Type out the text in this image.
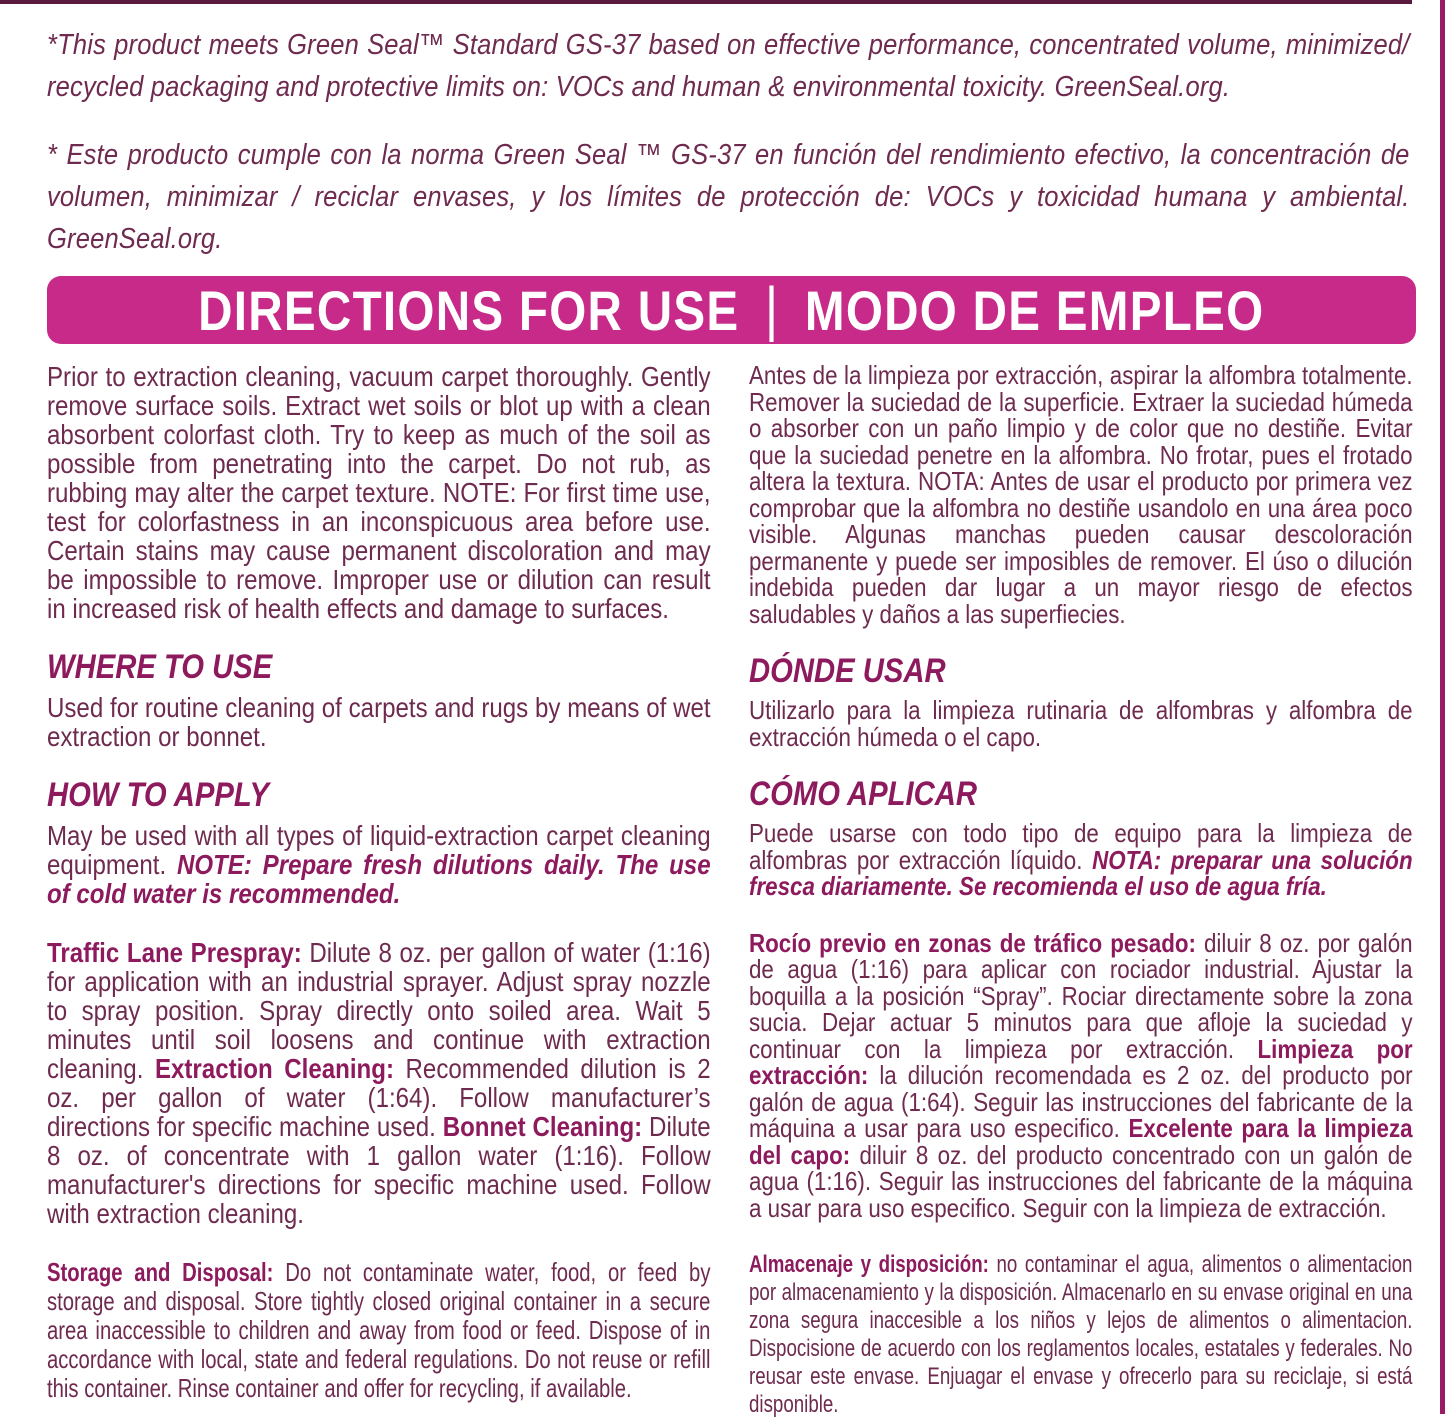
*This product meets Green Seal™ Standard GS-37 based on effective performance, concentrated volume, minimized/ recycled packaging and protective limits on: VOCs and human & environmental toxicity. GreenSeal.org.

* Este producto cumple con la norma Green Seal ™ GS-37 en función del rendimiento efectivo, la concentración de volumen, minimizar / reciclar envases, y los límites de protección de: VOCs y toxicidad humana y ambiental. GreenSeal.org.

DIRECTIONS FOR USE | MODO DE EMPLEO

Prior to extraction cleaning, vacuum carpet thoroughly. Gently remove surface soils. Extract wet soils or blot up with a clean absorbent colorfast cloth. Try to keep as much of the soil as possible from penetrating into the carpet. Do not rub, as rubbing may alter the carpet texture. NOTE: For first time use, test for colorfastness in an inconspicuous area before use. Certain stains may cause permanent discoloration and may be impossible to remove. Improper use or dilution can result in increased risk of health effects and damage to surfaces.

WHERE TO USE

Used for routine cleaning of carpets and rugs by means of wet extraction or bonnet.

HOW TO APPLY

May be used with all types of liquid-extraction carpet cleaning equipment. NOTE: Prepare fresh dilutions daily. The use of cold water is recommended.

Traffic Lane Prespray: Dilute 8 oz. per gallon of water (1:16) for application with an industrial sprayer. Adjust spray nozzle to spray position. Spray directly onto soiled area. Wait 5 minutes until soil loosens and continue with extraction cleaning. Extraction Cleaning: Recommended dilution is 2 oz. per gallon of water (1:64). Follow manufacturer’s directions for specific machine used. Bonnet Cleaning: Dilute 8 oz. of concentrate with 1 gallon water (1:16). Follow manufacturer's directions for specific machine used. Follow with extraction cleaning.

Storage and Disposal: Do not contaminate water, food, or feed by storage and disposal. Store tightly closed original container in a secure area inaccessible to children and away from food or feed. Dispose of in accordance with local, state and federal regulations. Do not reuse or refill this container. Rinse container and offer for recycling, if available.

Antes de la limpieza por extracción, aspirar la alfombra totalmente. Remover la suciedad de la superficie. Extraer la suciedad húmeda o absorber con un paño limpio y de color que no destiñe. Evitar que la suciedad penetre en la alfombra. No frotar, pues el frotado altera la textura. NOTA: Antes de usar el producto por primera vez comprobar que la alfombra no destiñe usandolo en una área poco visible. Algunas manchas pueden causar descoloración permanente y puede ser imposibles de remover. El úso o dilución indebida pueden dar lugar a un mayor riesgo de efectos saludables y daños a las superfiecies.

DÓNDE USAR

Utilizarlo para la limpieza rutinaria de alfombras y alfombra de extracción húmeda o el capo.

CÓMO APLICAR

Puede usarse con todo tipo de equipo para la limpieza de alfombras por extracción líquido. NOTA: preparar una solución fresca diariamente. Se recomienda el uso de agua fría.

Rocío previo en zonas de tráfico pesado: diluir 8 oz. por galón de agua (1:16) para aplicar con rociador industrial. Ajustar la boquilla a la posición “Spray”. Rociar directamente sobre la zona sucia. Dejar actuar 5 minutos para que afloje la suciedad y continuar con la limpieza por extracción. Limpieza por extracción: la dilución recomendada es 2 oz. del producto por galón de agua (1:64). Seguir las instrucciones del fabricante de la máquina a usar para uso especifico. Excelente para la limpieza del capo: diluir 8 oz. del producto concentrado con un galón de agua (1:16). Seguir las instrucciones del fabricante de la máquina a usar para uso especifico. Seguir con la limpieza de extracción.

Almacenaje y disposición: no contaminar el agua, alimentos o alimentacion por almacenamiento y la disposición. Almacenarlo en su envase original en una zona segura inaccesible a los niños y lejos de alimentos o alimentacion. Dispocisione de acuerdo con los reglamentos locales, estatales y federales. No reusar este envase. Enjuagar el envase y ofrecerlo para su reciclaje, si está disponible.
